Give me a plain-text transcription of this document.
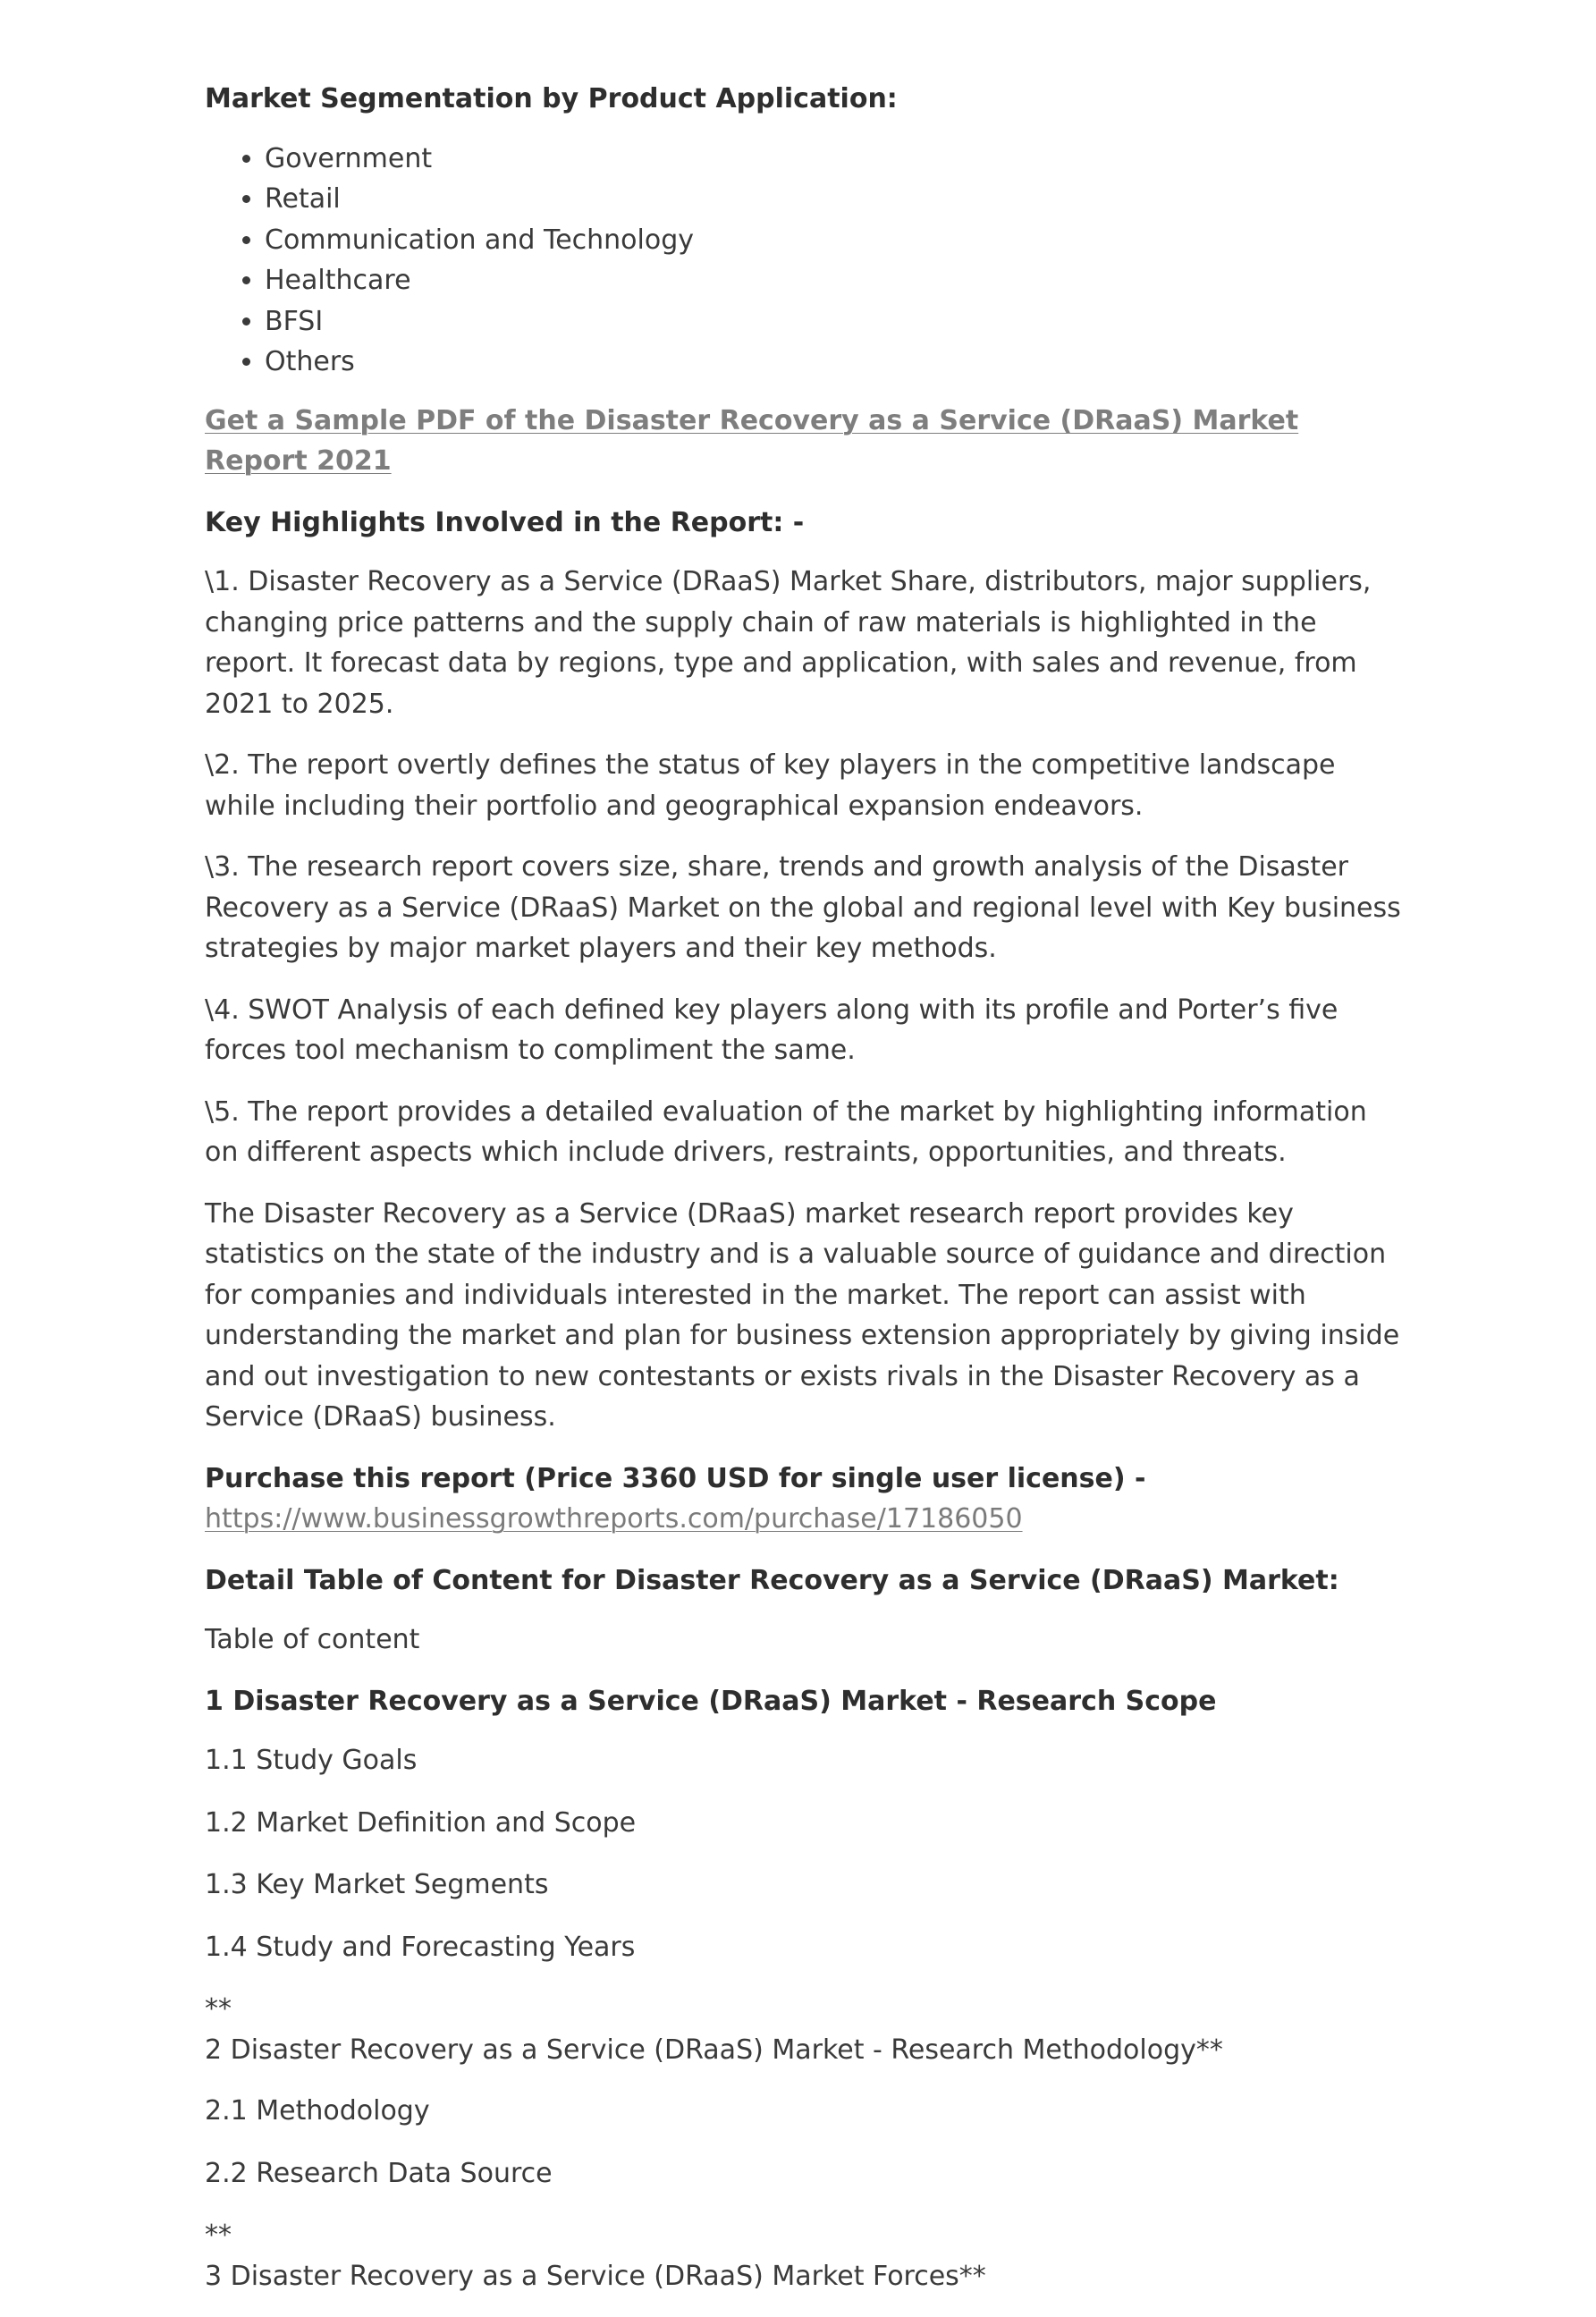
Market Segmentation by Product Application:
• Government
• Retail
• Communication and Technology
• Healthcare
• BFSI
• Others
Get a Sample PDF of the Disaster Recovery as a Service (DRaaS) Market Report 2021
Key Highlights Involved in the Report: -
\1. Disaster Recovery as a Service (DRaaS) Market Share, distributors, major suppliers, changing price patterns and the supply chain of raw materials is highlighted in the report. It forecast data by regions, type and application, with sales and revenue, from 2021 to 2025.
\2. The report overtly defines the status of key players in the competitive landscape while including their portfolio and geographical expansion endeavors.
\3. The research report covers size, share, trends and growth analysis of the Disaster Recovery as a Service (DRaaS) Market on the global and regional level with Key business strategies by major market players and their key methods.
\4. SWOT Analysis of each defined key players along with its profile and Porter’s five forces tool mechanism to compliment the same.
\5. The report provides a detailed evaluation of the market by highlighting information on different aspects which include drivers, restraints, opportunities, and threats.
The Disaster Recovery as a Service (DRaaS) market research report provides key statistics on the state of the industry and is a valuable source of guidance and direction for companies and individuals interested in the market. The report can assist with understanding the market and plan for business extension appropriately by giving inside and out investigation to new contestants or exists rivals in the Disaster Recovery as a Service (DRaaS) business.
Purchase this report (Price 3360 USD for single user license) -
https://www.businessgrowthreports.com/purchase/17186050
Detail Table of Content for Disaster Recovery as a Service (DRaaS) Market:
Table of content
1 Disaster Recovery as a Service (DRaaS) Market - Research Scope
1.1 Study Goals
1.2 Market Definition and Scope
1.3 Key Market Segments
1.4 Study and Forecasting Years
**
2 Disaster Recovery as a Service (DRaaS) Market - Research Methodology**
2.1 Methodology
2.2 Research Data Source
**
3 Disaster Recovery as a Service (DRaaS) Market Forces**
